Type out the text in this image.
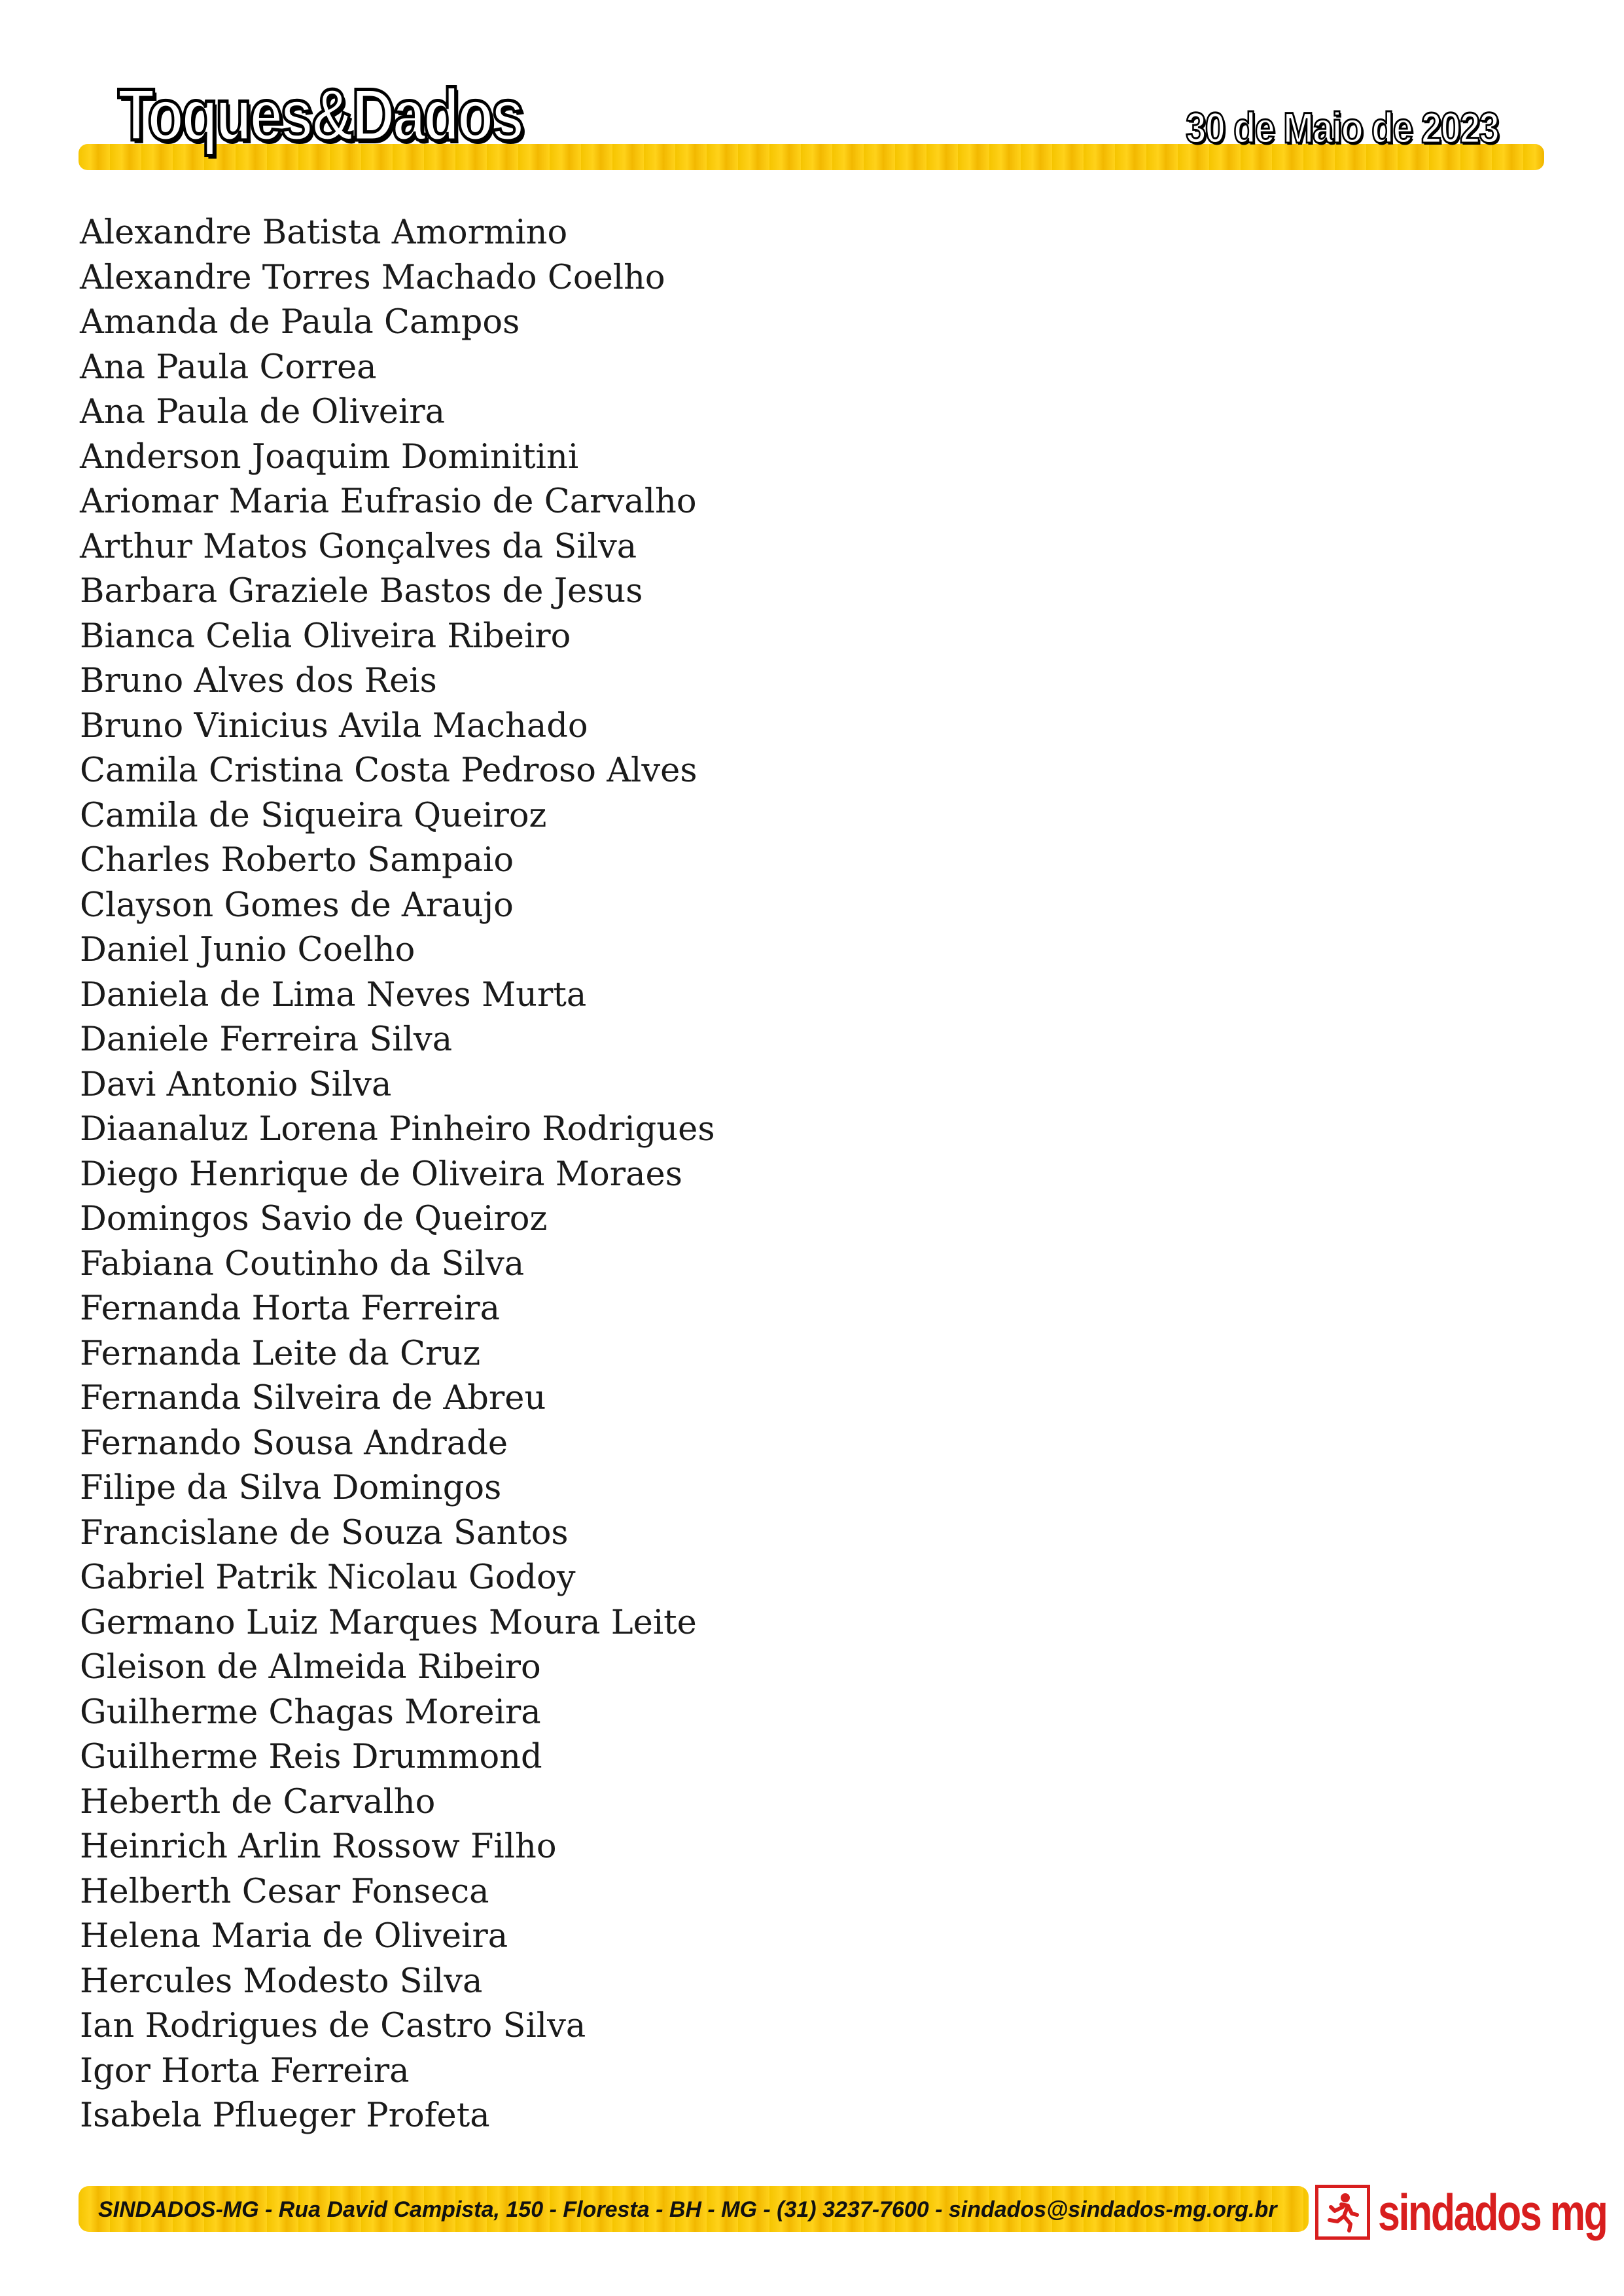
Toques&Dados	30 de Maio de 2023
Alexandre Batista Amormino
Alexandre Torres Machado Coelho
Amanda de Paula Campos
Ana Paula Correa
Ana Paula de Oliveira
Anderson Joaquim Dominitini
Ariomar Maria Eufrasio de Carvalho
Arthur Matos Gonçalves da Silva
Barbara Graziele Bastos de Jesus
Bianca Celia Oliveira Ribeiro
Bruno Alves dos Reis
Bruno Vinicius Avila Machado
Camila Cristina Costa Pedroso Alves
Camila de Siqueira Queiroz
Charles Roberto Sampaio
Clayson Gomes de Araujo
Daniel Junio Coelho
Daniela de Lima Neves Murta
Daniele Ferreira Silva
Davi Antonio Silva
Diaanaluz Lorena Pinheiro Rodrigues
Diego Henrique de Oliveira Moraes
Domingos Savio de Queiroz
Fabiana Coutinho da Silva
Fernanda Horta Ferreira
Fernanda Leite da Cruz
Fernanda Silveira de Abreu
Fernando Sousa Andrade
Filipe da Silva Domingos
Francislane de Souza Santos
Gabriel Patrik Nicolau Godoy
Germano Luiz Marques Moura Leite
Gleison de Almeida Ribeiro
Guilherme Chagas Moreira
Guilherme Reis Drummond
Heberth de Carvalho
Heinrich Arlin Rossow Filho
Helberth Cesar Fonseca
Helena Maria de Oliveira
Hercules Modesto Silva
Ian Rodrigues de Castro Silva
Igor Horta Ferreira
Isabela Pflueger Profeta
SINDADOS-MG - Rua David Campista, 150 - Floresta - BH - MG - (31) 3237-7600 - sindados@sindados-mg.org.br sindados mg
